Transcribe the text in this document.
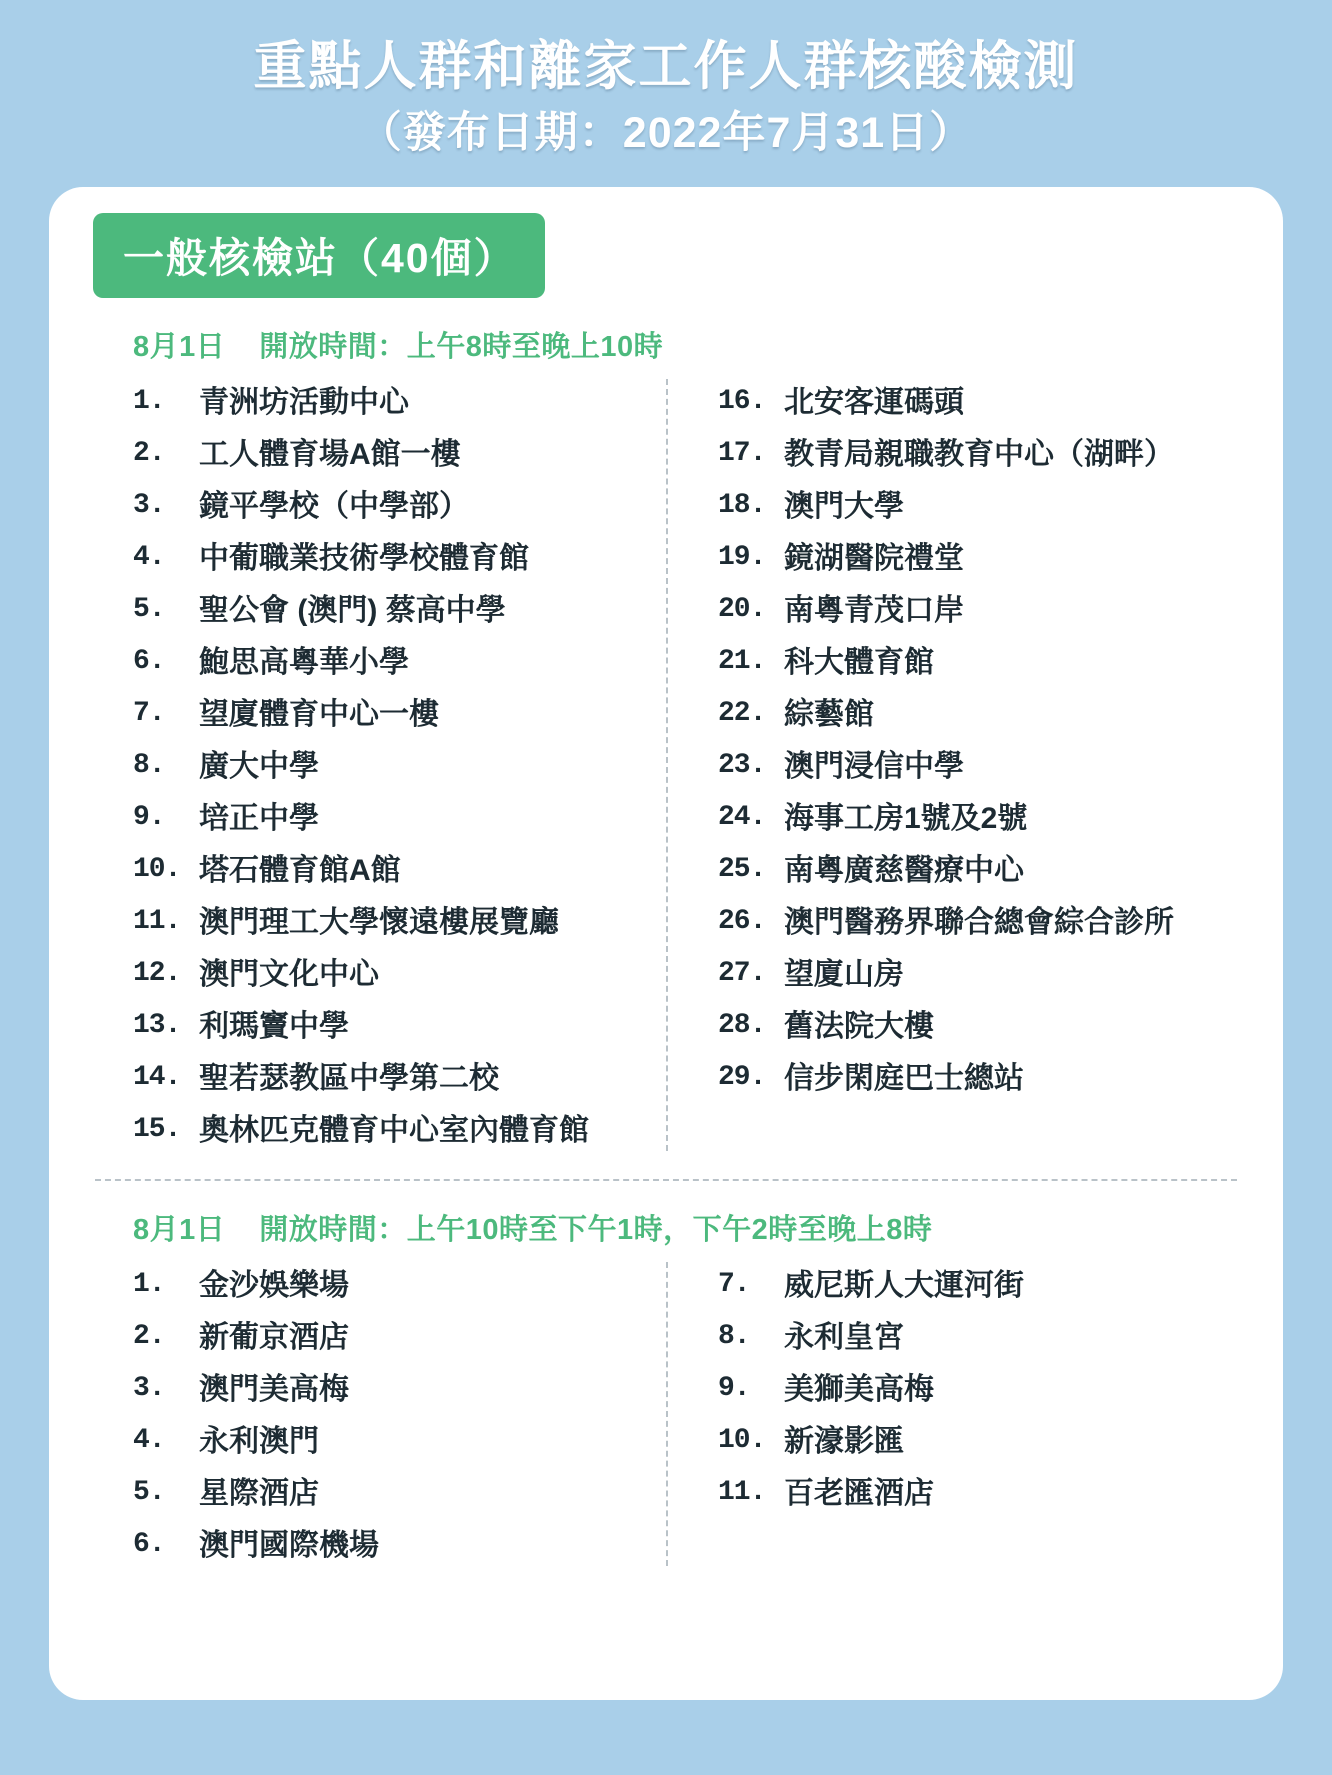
重點人群和離家工作人群核酸檢測
（發布日期：2022年7月31日）
一般核檢站（40個）
8月1日 開放時間：上午8時至晚上10時
1.	青洲坊活動中心
2.	工人體育場A館一樓
3.	鏡平學校（中學部）
4.	中葡職業技術學校體育館
5.	聖公會 (澳門) 蔡高中學
6.	鮑思高粵華小學
7.	望廈體育中心一樓
8.	廣大中學
9.	培正中學
10. 塔石體育館A館
11. 澳門理工大學懷遠樓展覽廳
12. 澳門文化中心
13. 利瑪竇中學
14. 聖若瑟教區中學第二校
15. 奧林匹克體育中心室內體育館
16. 北安客運碼頭
17. 教青局親職教育中心（湖畔）
18. 澳門大學
19. 鏡湖醫院禮堂
20. 南粵青茂口岸
21. 科大體育館
22. 綜藝館
23. 澳門浸信中學
24. 海事工房1號及2號
25. 南粵廣慈醫療中心
26. 澳門醫務界聯合總會綜合診所
27. 望廈山房
28. 舊法院大樓
29. 信步閑庭巴士總站
8月1日 開放時間：上午10時至下午1時，下午2時至晚上8時
1.	金沙娛樂場
2.	新葡京酒店
3.	澳門美高梅
4.	永利澳門
5.	星際酒店
6.	澳門國際機場
7.	威尼斯人大運河街
8.	永利皇宮
9.	美獅美高梅
10. 新濠影匯
11. 百老匯酒店
